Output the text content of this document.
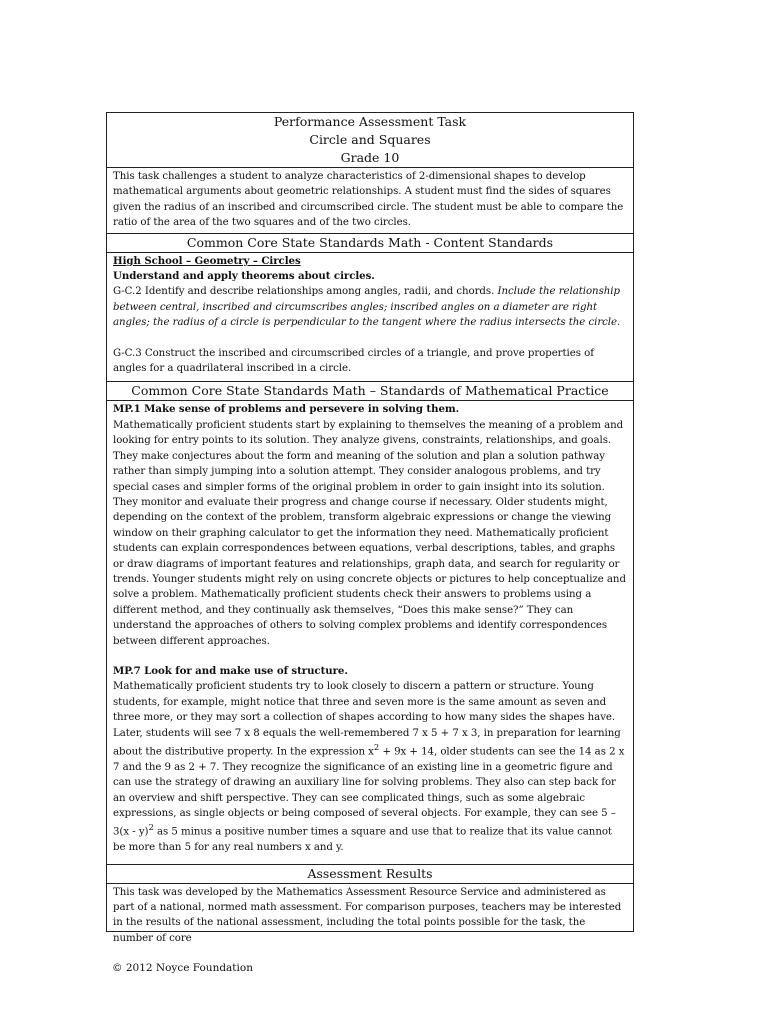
Performance Assessment Task
Circle and Squares
Grade 10

This task challenges a student to analyze characteristics of 2-dimensional shapes to develop mathematical arguments about geometric relationships. A student must find the sides of squares given the radius of an inscribed and circumscribed circle. The student must be able to compare the ratio of the area of the two squares and of the two circles.

Common Core State Standards Math - Content Standards

High School – Geometry – Circles

Understand and apply theorems about circles.

G-C.2 Identify and describe relationships among angles, radii, and chords. Include the relationship between central, inscribed and circumscribes angles; inscribed angles on a diameter are right angles; the radius of a circle is perpendicular to the tangent where the radius intersects the circle.

G-C.3 Construct the inscribed and circumscribed circles of a triangle, and prove properties of angles for a quadrilateral inscribed in a circle.

Common Core State Standards Math – Standards of Mathematical Practice

MP.1 Make sense of problems and persevere in solving them.

Mathematically proficient students start by explaining to themselves the meaning of a problem and looking for entry points to its solution. They analyze givens, constraints, relationships, and goals. They make conjectures about the form and meaning of the solution and plan a solution pathway rather than simply jumping into a solution attempt. They consider analogous problems, and try special cases and simpler forms of the original problem in order to gain insight into its solution. They monitor and evaluate their progress and change course if necessary. Older students might, depending on the context of the problem, transform algebraic expressions or change the viewing window on their graphing calculator to get the information they need. Mathematically proficient students can explain correspondences between equations, verbal descriptions, tables, and graphs or draw diagrams of important features and relationships, graph data, and search for regularity or trends. Younger students might rely on using concrete objects or pictures to help conceptualize and solve a problem. Mathematically proficient students check their answers to problems using a different method, and they continually ask themselves, “Does this make sense?” They can understand the approaches of others to solving complex problems and identify correspondences between different approaches.

MP.7 Look for and make use of structure.

Mathematically proficient students try to look closely to discern a pattern or structure. Young students, for example, might notice that three and seven more is the same amount as seven and three more, or they may sort a collection of shapes according to how many sides the shapes have. Later, students will see 7 x 8 equals the well-remembered 7 x 5 + 7 x 3, in preparation for learning about the distributive property. In the expression $x^2 + 9x + 14$, older students can see the 14 as 2 x 7 and the 9 as 2 + 7. They recognize the significance of an existing line in a geometric figure and can use the strategy of drawing an auxiliary line for solving problems. They also can step back for an overview and shift perspective. They can see complicated things, such as some algebraic expressions, as single objects or being composed of several objects. For example, they can see 5 – 3(x - y)$^2$ as 5 minus a positive number times a square and use that to realize that its value cannot be more than 5 for any real numbers x and y.

Assessment Results

This task was developed by the Mathematics Assessment Resource Service and administered as part of a national, normed math assessment. For comparison purposes, teachers may be interested in the results of the national assessment, including the total points possible for the task, the number of core

© 2012 Noyce Foundation
